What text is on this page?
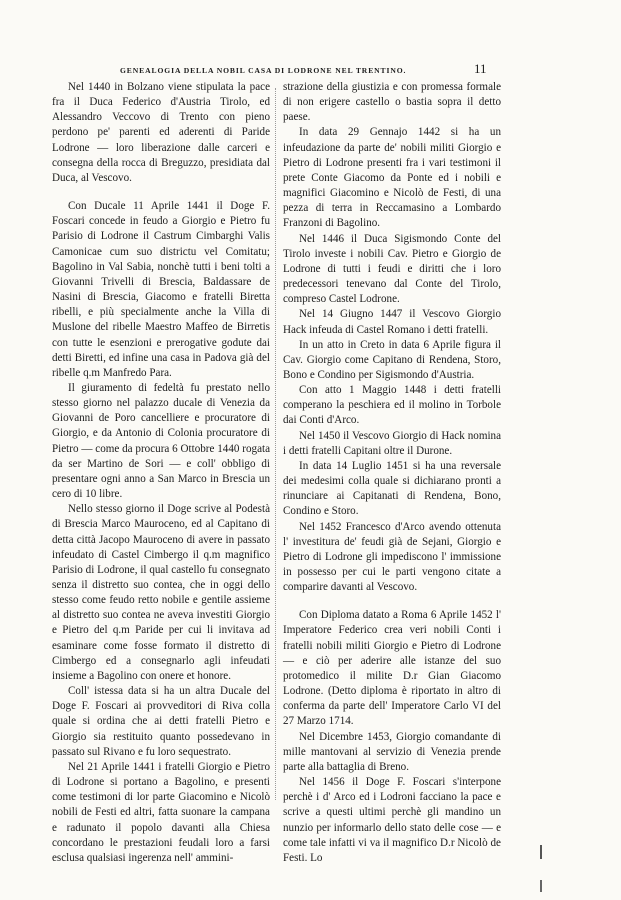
GENEALOGIA DELLA NOBIL CASA DI LODRONE NEL TRENTINO.	11

Nel 1440 in Bolzano viene stipulata la pace fra il Duca Federico d'Austria Tirolo, ed Alessandro Veccovo di Trento con pieno perdono pe' parenti ed aderenti di Paride Lodrone — loro liberazione dalle carceri e consegna della rocca di Breguzzo, presidiata dal Duca, al Vescovo.

Con Ducale 11 Aprile 1441 il Doge F. Foscari concede in feudo a Giorgio e Pietro fu Parisio di Lodrone il Castrum Cimbarghi Valis Camonicae cum suo districtu vel Comitatu; Bagolino in Val Sabia, nonchè tutti i beni tolti a Giovanni Trivelli di Brescia, Baldassare de Nasini di Brescia, Giacomo e fratelli Biretta ribelli, e più specialmente anche la Villa di Muslone del ribelle Maestro Maffeo de Birretis con tutte le esenzioni e prerogative godute dai detti Biretti, ed infine una casa in Padova già del ribelle q.m Manfredo Para.

Il giuramento di fedeltà fu prestato nello stesso giorno nel palazzo ducale di Venezia da Giovanni de Poro cancelliere e procuratore di Giorgio, e da Antonio di Colonia procuratore di Pietro — come da procura 6 Ottobre 1440 rogata da ser Martino de Sori — e coll' obbligo di presentare ogni anno a San Marco in Brescia un cero di 10 libre.

Nello stesso giorno il Doge scrive al Podestà di Brescia Marco Mauroceno, ed al Capitano di detta città Jacopo Mauroceno di avere in passato infeudato di Castel Cimbergo il q.m magnifico Parisio di Lodrone, il qual castello fu consegnato senza il distretto suo contea, che in oggi dello stesso come feudo retto nobile e gentile assieme al distretto suo contea ne aveva investiti Giorgio e Pietro del q.m Paride per cui li invitava ad esaminare come fosse formato il distretto di Cimbergo ed a consegnarlo agli infeudati insieme a Bagolino con onere et honore.

Coll' istessa data si ha un altra Ducale del Doge F. Foscari ai provveditori di Riva colla quale si ordina che ai detti fratelli Pietro e Giorgio sia restituito quanto possedevano in passato sul Rivano e fu loro sequestrato.

Nel 21 Aprile 1441 i fratelli Giorgio e Pietro di Lodrone si portano a Bagolino, e presenti come testimoni di lor parte Giacomino e Nicolò nobili de Festi ed altri, fatta suonare la campana e radunato il popolo davanti alla Chiesa concordano le prestazioni feudali loro a farsi esclusa qualsiasi ingerenza nell' ammini-

strazione della giustizia e con promessa formale di non erigere castello o bastia sopra il detto paese.

In data 29 Gennajo 1442 si ha un infeudazione da parte de' nobili militi Giorgio e Pietro di Lodrone presenti fra i vari testimoni il prete Conte Giacomo da Ponte ed i nobili e magnifici Giacomino e Nicolò de Festi, di una pezza di terra in Reccamasino a Lombardo Franzoni di Bagolino.

Nel 1446 il Duca Sigismondo Conte del Tirolo investe i nobili Cav. Pietro e Giorgio de Lodrone di tutti i feudi e diritti che i loro predecessori tenevano dal Conte del Tirolo, compreso Castel Lodrone.

Nel 14 Giugno 1447 il Vescovo Giorgio Hack infeuda di Castel Romano i detti fratelli.

In un atto in Creto in data 6 Aprile figura il Cav. Giorgio come Capitano di Rendena, Storo, Bono e Condino per Sigismondo d'Austria.

Con atto 1 Maggio 1448 i detti fratelli comperano la peschiera ed il molino in Torbole dai Conti d'Arco.

Nel 1450 il Vescovo Giorgio di Hack nomina i detti fratelli Capitani oltre il Durone.

In data 14 Luglio 1451 si ha una reversale dei medesimi colla quale si dichiarano pronti a rinunciare ai Capitanati di Rendena, Bono, Condino e Storo.

Nel 1452 Francesco d'Arco avendo ottenuta l' investitura de' feudi già de Sejani, Giorgio e Pietro di Lodrone gli impediscono l' immissione in possesso per cui le parti vengono citate a comparire davanti al Vescovo.

Con Diploma datato a Roma 6 Aprile 1452 l' Imperatore Federico crea veri nobili Conti i fratelli nobili militi Giorgio e Pietro di Lodrone — e ciò per aderire alle istanze del suo protomedico il milite D.r Gian Giacomo Lodrone. (Detto diploma è riportato in altro di conferma da parte dell' Imperatore Carlo VI del 27 Marzo 1714.

Nel Dicembre 1453, Giorgio comandante di mille mantovani al servizio di Venezia prende parte alla battaglia di Breno.

Nel 1456 il Doge F. Foscari s'interpone perchè i d' Arco ed i Lodroni facciano la pace e scrive a questi ultimi perchè gli mandino un nunzio per informarlo dello stato delle cose — e come tale infatti vi va il magnifico D.r Nicolò de Festi. Lo
